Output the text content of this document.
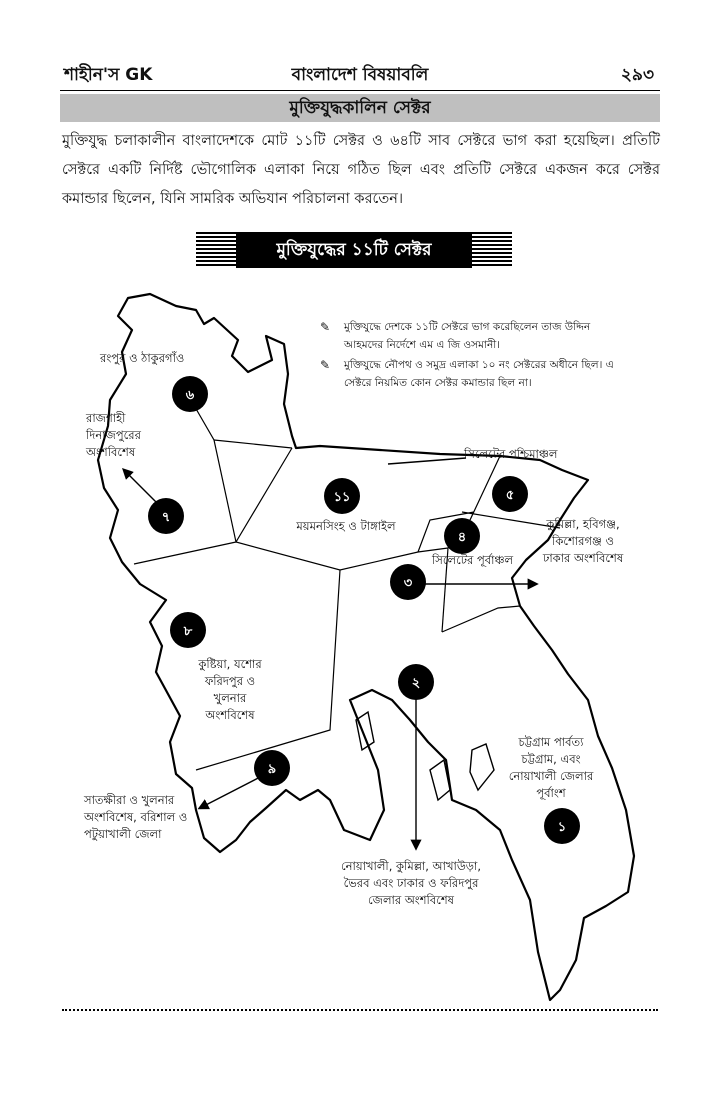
শাহীন'স GK	বাংলাদেশ বিষয়াবলি	২৯৩
মুক্তিযুদ্ধকালিন সেক্টর
মুক্তিযুদ্ধ চলাকালীন বাংলাদেশকে মোট ১১টি সেক্টর ও ৬৪টি সাব সেক্টরে ভাগ করা হয়েছিল। প্রতিটি সেক্টরে একটি নির্দিষ্ট ভৌগোলিক এলাকা নিয়ে গঠিত ছিল এবং প্রতিটি সেক্টরে একজন করে সেক্টর কমান্ডার ছিলেন, যিনি সামরিক অভিযান পরিচালনা করতেন।
মুক্তিযুদ্ধের ১১টি সেক্টর
১
২
৩
৪
৫
৬
৭
৮
৯
১১
✎ মুক্তিযুদ্ধে দেশকে ১১টি সেক্টরে ভাগ করেছিলেন তাজ উদ্দিন আহমদের নির্দেশে এম এ জি ওসমানী।
✎ মুক্তিযুদ্ধে নৌপথ ও সমুদ্র এলাকা ১০ নং সেক্টরের অধীনে ছিল। এ সেক্টরে নিয়মিত কোন সেক্টর কমান্ডার ছিল না।
রংপুর ও ঠাকুরগাঁও
রাজশাহী দিনাজপুরের অংশবিশেষ	সিলেটের পশ্চিমাঞ্চল
ময়মনসিংহ ও টাঙ্গাইল
সিলেটের পূর্বাঞ্চল
কুমিল্লা, হবিগঞ্জ, কিশোরগঞ্জ ও ঢাকার অংশবিশেষ
কুষ্টিয়া, যশোর ফরিদপুর ও খুলনার অংশবিশেষ
চট্টগ্রাম পার্বত্য চট্টগ্রাম, এবং নোয়াখালী জেলার পূর্বাংশ
সাতক্ষীরা ও খুলনার অংশবিশেষ, বরিশাল ও পটুয়াখালী জেলা
নোয়াখালী, কুমিল্লা, আখাউড়া, ভৈরব এবং ঢাকার ও ফরিদপুর জেলার অংশবিশেষ
